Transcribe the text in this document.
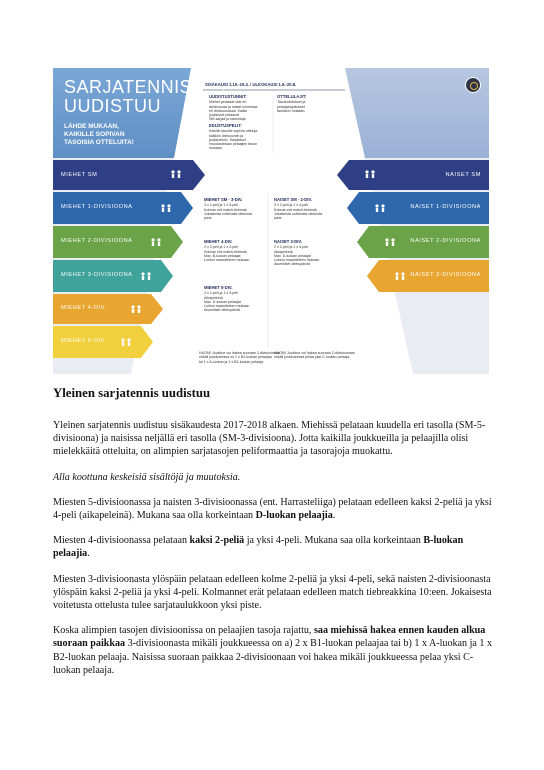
SARJATENNIS (yleinen)
UUDISTUU
LÄHDE MUKAAN,
KAIKILLE SOPIVAN
TASOISIA OTTELUITA!
SISÄKAUSI 1.10.-15.4. / ULKOKAUSI 1.6.-20.8.
UUDISTUSTUNNIT:
Miehet pelaavat viisi eri
divisioonaa ja naiset kolmessa
eri divisioonassa. Kaikki
joukkueet pelaavat
SM-sarjaa ja karsintoja.
EDUSTUSPELIT:
Kaikille tasoille sopivia otteluja
kaikkiin divisiooniin ja
joukkueisiin. Sarjatasot
muodostetaan pelaajien tason
mukaan.
OTTELULAJIT:
Tasoluokitukset ja
pelaajarajoitukset
taulukon mukaan.
MIEHET SM
MIEHET 1-DIVISIOONA
MIEHET 2-DIVISIOONA
MIEHET 3-DIVISIOONA
MIEHET 4-DIV.
MIEHET 5-DIV.
NAISET SM
NAISET 1-DIVISIOONA
NAISET 2-DIVISIOONA
NAISET 3-DIVISIOONA
MIEHET SM - 3-DIV.
3 x 2-peli ja 1 x 4-peli
Kolmas erä match-tiebreak
Jokaisesta voitetusta ottelusta
piste
MIEHET 4-DIV.
2 x 2-peli ja 1 x 4-peli
Kolmas erä match-tiebreak
Max. B-luokan pelaajat
Lohkot maantieteen mukaan
MIEHET 5-DIV.
2 x 2-peli ja 1 x 4-peli
Aikapeleinä
Max. D-luokan pelaajat
Lohkot maantieteen mukaan
Alueelliset ottelupäivät
NAISET SM - 2-DIV.
3 x 2-peli ja 1 x 4-peli
Kolmas erä match-tiebreak
Jokaisesta voitetusta ottelusta
piste
NAISET 3-DIV.
2 x 2-peli ja 1 x 4-peli
Aikapeleinä
Max. D-luokan pelaajat
Lohkot maantieteen mukaan
Alueelliset ottelupäivät
HUOM! Joukkue voi hakea suoraan 3-divisioonaan
mikäli joukkueessa on 2 x B1-luokan pelaajaa
tai 1 x A-luokan ja 1 x B2-luokan pelaaja.
HUOM! Joukkue voi hakea suoraan 2-divisioonaan
mikäli joukkueessa pelaa yksi C-luokan pelaaja.
Yleinen sarjatennis uudistuu

Yleinen sarjatennis uudistuu sisäkaudesta 2017-2018 alkaen. Miehissä pelataan kuudella eri tasolla (SM-5-divisioona) ja naisissa neljällä eri tasolla (SM-3-divisioona). Jotta kaikilla joukkueilla ja pelaajilla olisi mielekkäitä otteluita, on alimpien sarjatasojen peliformaattia ja tasorajoja muokattu.

Alla koottuna keskeisiä sisältöjä ja muutoksia.

Miesten 5-divisioonassa ja naisten 3-divisioonassa (ent. Harrasteliiga) pelataan edelleen kaksi 2-peliä ja yksi 4-peli (aikapeleinä). Mukana saa olla korkeintaan D-luokan pelaajia.

Miesten 4-divisioonassa pelataan kaksi 2-peliä ja yksi 4-peli. Mukana saa olla korkeintaan B-luokan pelaajia.

Miesten 3-divisioonasta ylöspäin pelataan edelleen kolme 2-peliä ja yksi 4-peli, sekä naisten 2-divisioonasta ylöspäin kaksi 2-peliä ja yksi 4-peli. Kolmannet erät pelataan edelleen match tiebreakkina 10:een. Jokaisesta voitetusta ottelusta tulee sarjataulukkoon yksi piste.

Koska alimpien tasojen divisioonissa on pelaajien tasoja rajattu, saa miehissä hakea ennen kauden alkua suoraan paikkaa 3-divisioonasta mikäli joukkueessa on a) 2 x B1-luokan pelaajaa tai b) 1 x A-luokan ja 1 x B2-luokan pelaaja. Naisissa suoraan paikkaa 2-divisioonaan voi hakea mikäli joukkueessa pelaa yksi C-luokan pelaaja.
